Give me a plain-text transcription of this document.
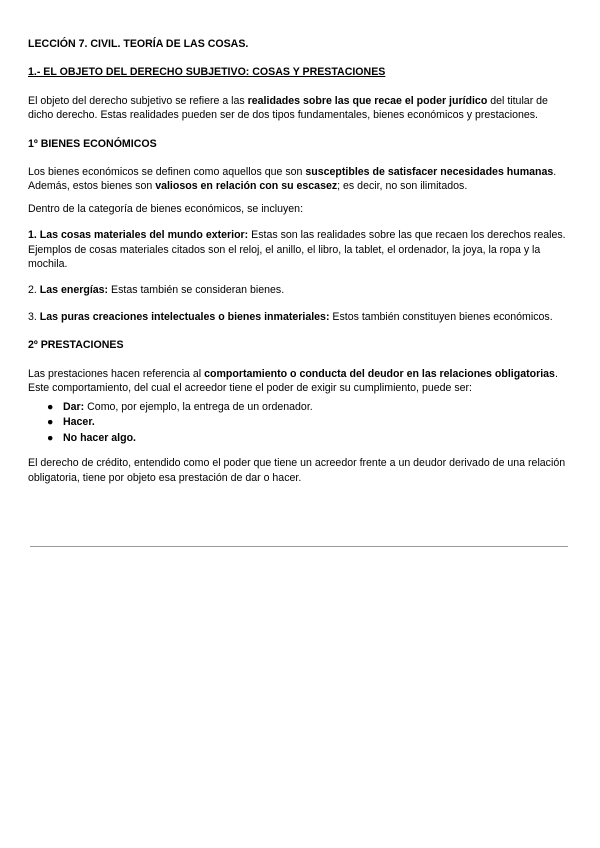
LECCIÓN 7. CIVIL. TEORÍA DE LAS COSAS.
1.- EL OBJETO DEL DERECHO SUBJETIVO: COSAS Y PRESTACIONES

El objeto del derecho subjetivo se refiere a las realidades sobre las que recae el poder jurídico del titular de dicho derecho. Estas realidades pueden ser de dos tipos fundamentales, bienes económicos y prestaciones.

1º BIENES ECONÓMICOS

Los bienes económicos se definen como aquellos que son susceptibles de satisfacer necesidades humanas. Además, estos bienes son valiosos en relación con su escasez; es decir, no son ilimitados.

Dentro de la categoría de bienes económicos, se incluyen:

1. Las cosas materiales del mundo exterior: Estas son las realidades sobre las que recaen los derechos reales. Ejemplos de cosas materiales citados son el reloj, el anillo, el libro, la tablet, el ordenador, la joya, la ropa y la mochila.

2. Las energías: Estas también se consideran bienes.

3. Las puras creaciones intelectuales o bienes inmateriales: Estos también constituyen bienes económicos.

2º PRESTACIONES

Las prestaciones hacen referencia al comportamiento o conducta del deudor en las relaciones obligatorias. Este comportamiento, del cual el acreedor tiene el poder de exigir su cumplimiento, puede ser:

● Dar: Como, por ejemplo, la entrega de un ordenador.
● Hacer.
● No hacer algo.

El derecho de crédito, entendido como el poder que tiene un acreedor frente a un deudor derivado de una relación obligatoria, tiene por objeto esa prestación de dar o hacer.
